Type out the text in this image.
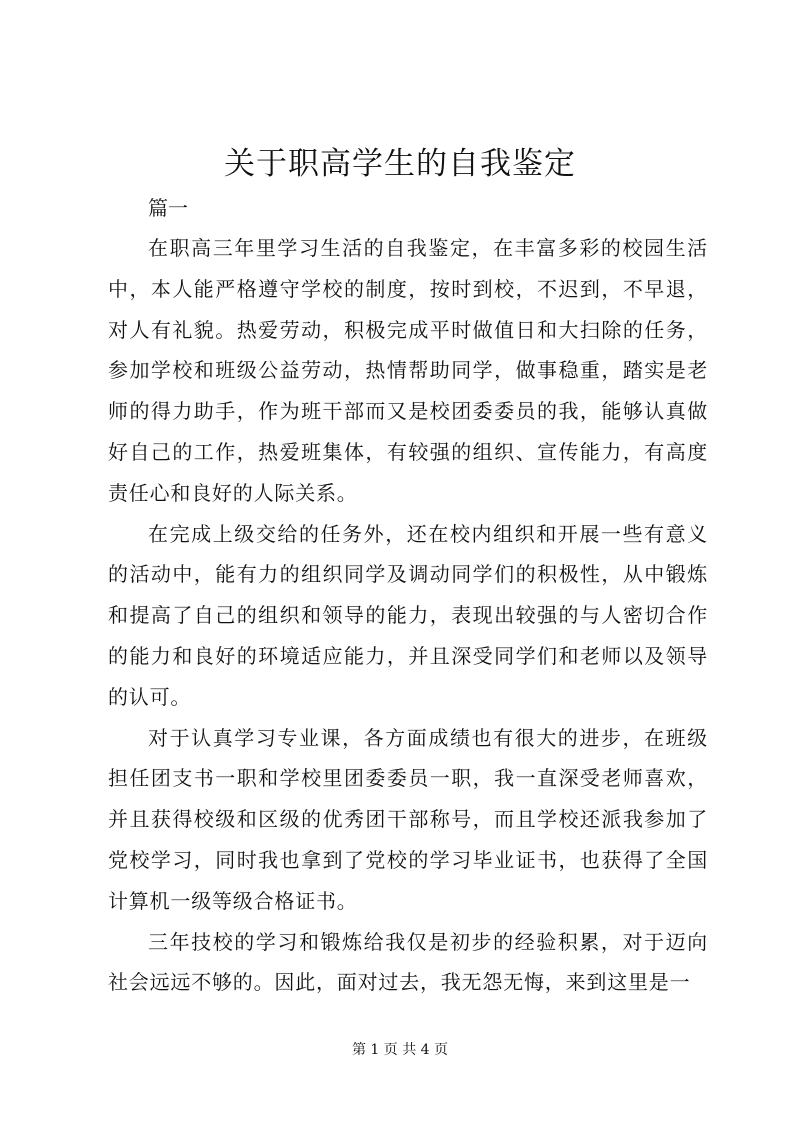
关于职高学生的自我鉴定

篇一

在职高三年里学习生活的自我鉴定，在丰富多彩的校园生活中，本人能严格遵守学校的制度，按时到校，不迟到，不早退，对人有礼貌。热爱劳动，积极完成平时做值日和大扫除的任务，参加学校和班级公益劳动，热情帮助同学，做事稳重，踏实是老师的得力助手，作为班干部而又是校团委委员的我，能够认真做好自己的工作，热爱班集体，有较强的组织、宣传能力，有高度责任心和良好的人际关系。

在完成上级交给的任务外，还在校内组织和开展一些有意义的活动中，能有力的组织同学及调动同学们的积极性，从中锻炼和提高了自己的组织和领导的能力，表现出较强的与人密切合作的能力和良好的环境适应能力，并且深受同学们和老师以及领导的认可。

对于认真学习专业课，各方面成绩也有很大的进步，在班级担任团支书一职和学校里团委委员一职，我一直深受老师喜欢，并且获得校级和区级的优秀团干部称号，而且学校还派我参加了党校学习，同时我也拿到了党校的学习毕业证书，也获得了全国计算机一级等级合格证书。

三年技校的学习和锻炼给我仅是初步的经验积累，对于迈向社会远远不够的。因此，面对过去，我无怨无悔，来到这里是一

第 1 页 共 4 页
